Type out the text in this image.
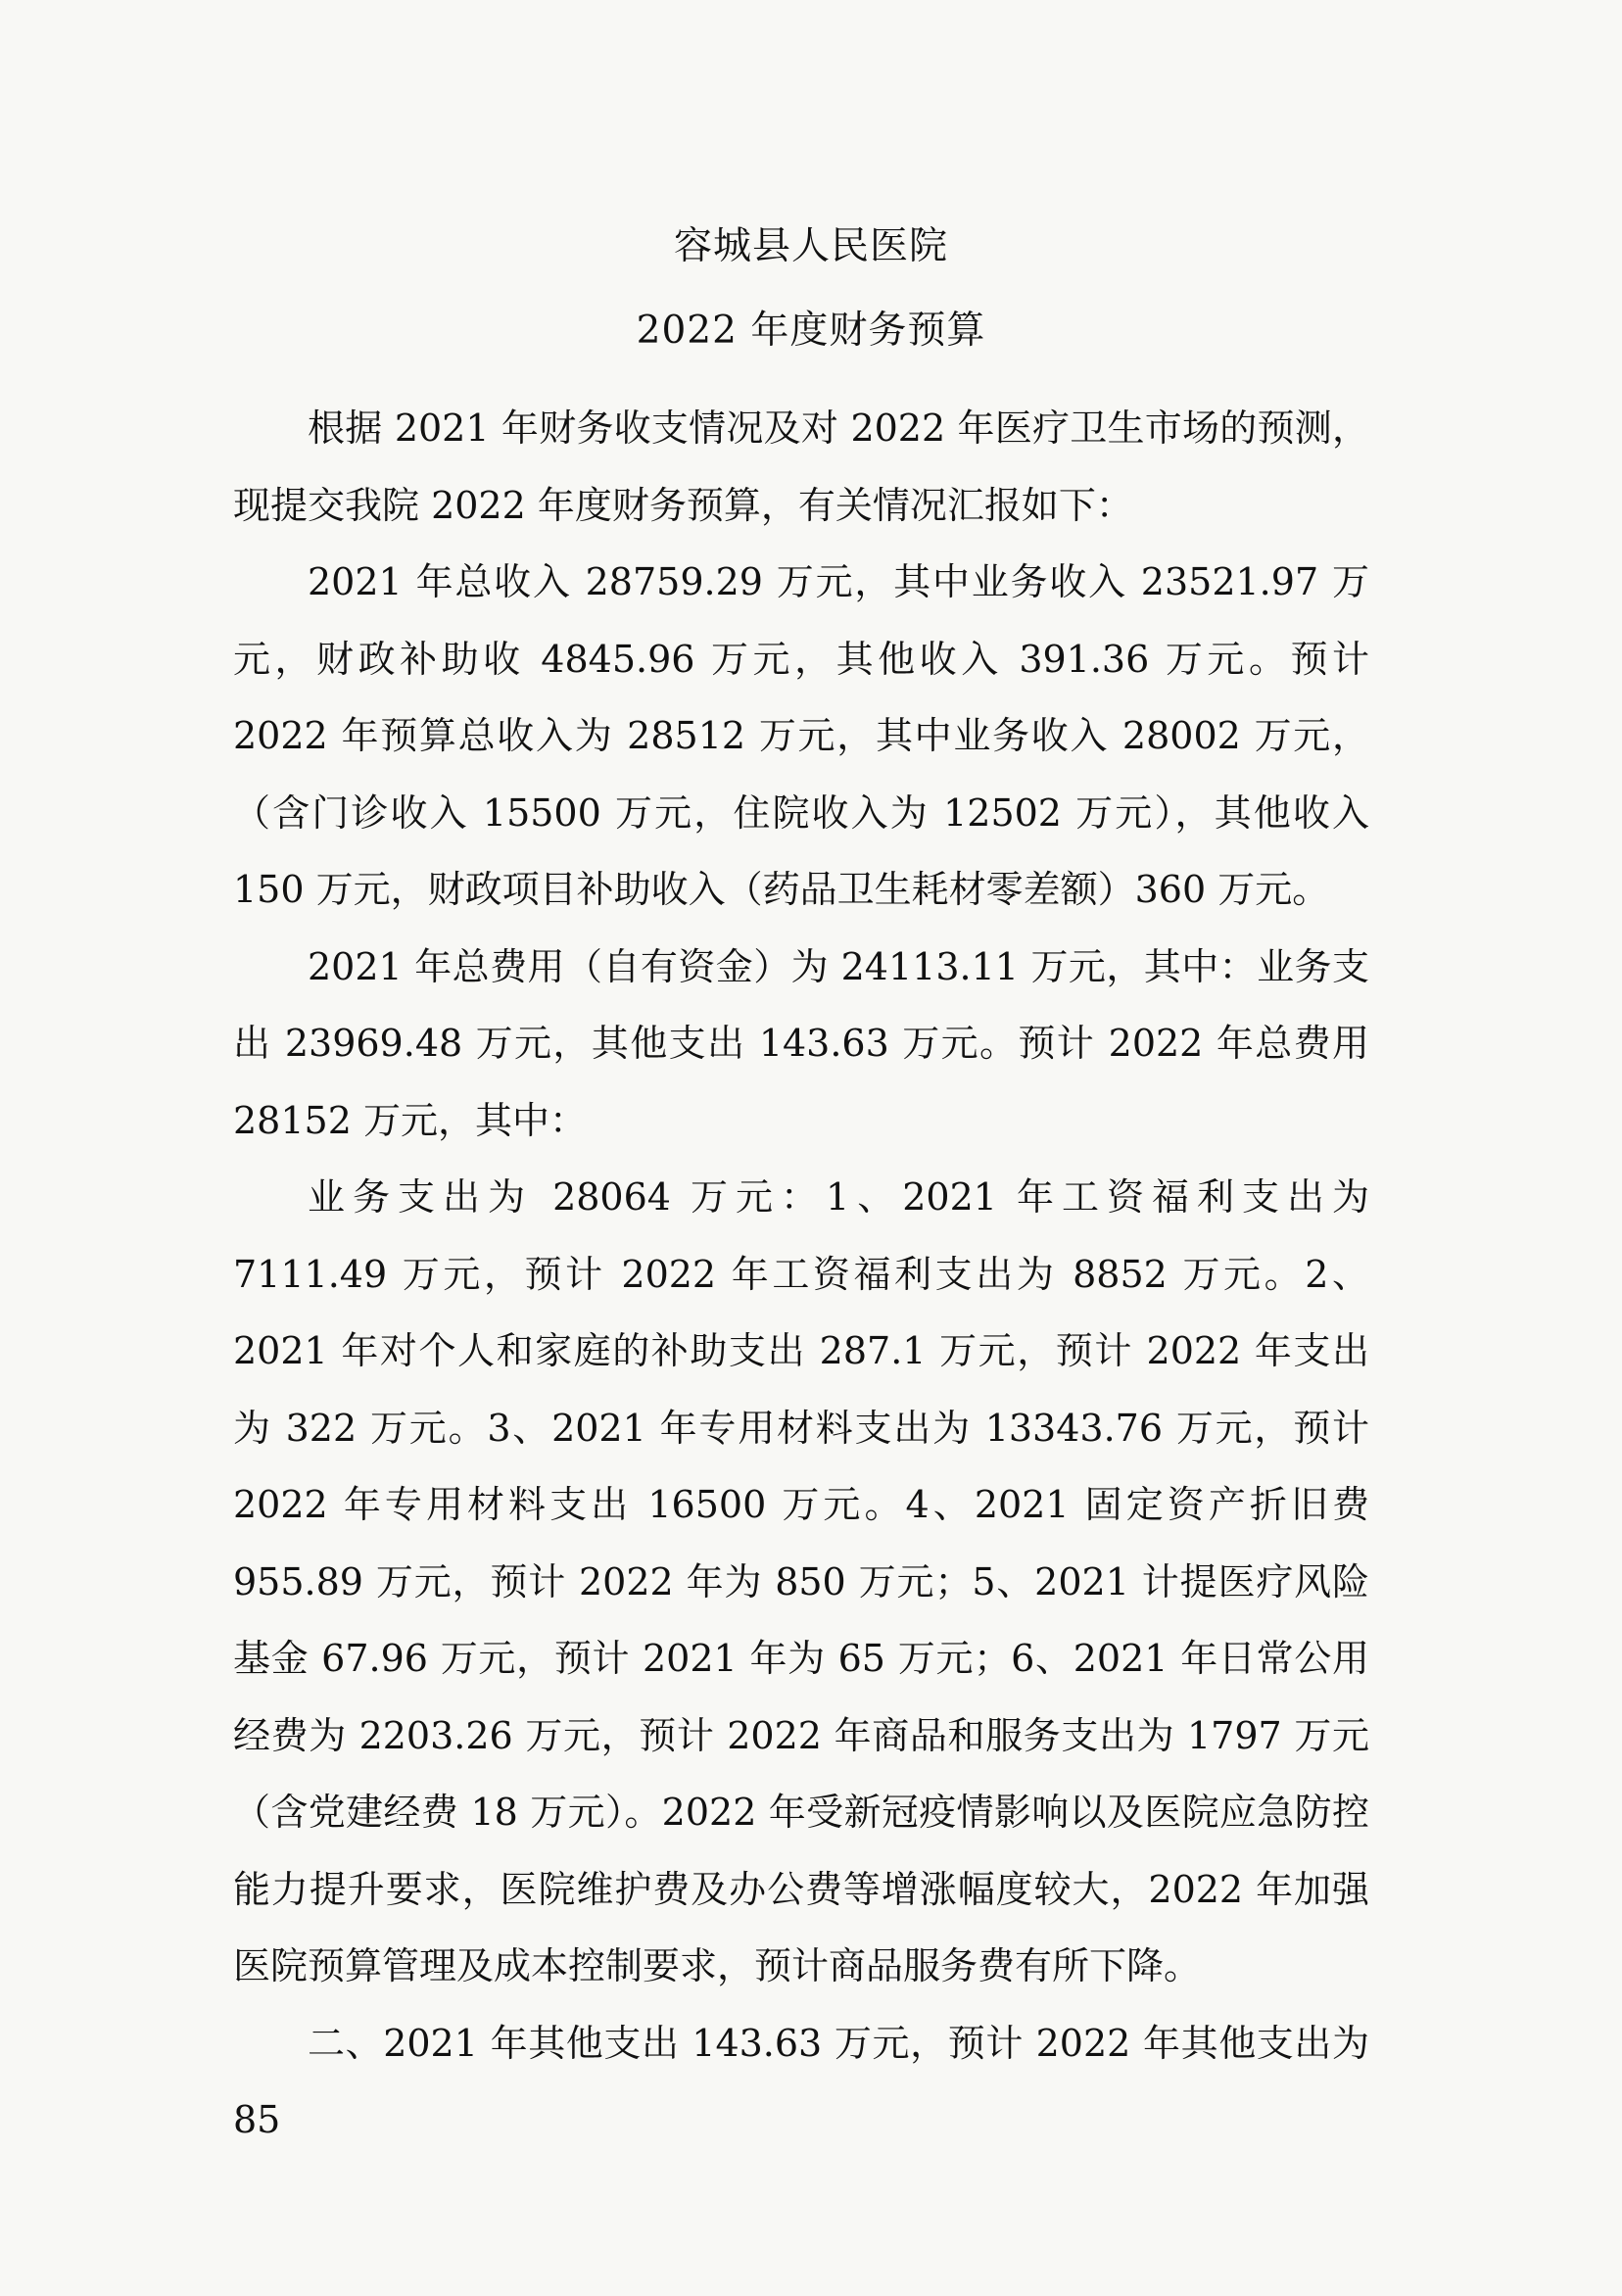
容城县人民医院
2022 年度财务预算

根据 2021 年财务收支情况及对 2022 年医疗卫生市场的预测，现提交我院 2022 年度财务预算，有关情况汇报如下：

2021 年总收入 28759.29 万元，其中业务收入 23521.97 万元，财政补助收 4845.96 万元，其他收入 391.36 万元。预计 2022 年预算总收入为 28512 万元，其中业务收入 28002 万元，（含门诊收入 15500 万元，住院收入为 12502 万元），其他收入 150 万元，财政项目补助收入（药品卫生耗材零差额）360 万元。

2021 年总费用（自有资金）为 24113.11 万元，其中：业务支出 23969.48 万元，其他支出 143.63 万元。预计 2022 年总费用 28152 万元，其中：

业务支出为 28064 万元：1、2021 年工资福利支出为 7111.49 万元，预计 2022 年工资福利支出为 8852 万元。2、2021 年对个人和家庭的补助支出 287.1 万元，预计 2022 年支出为 322 万元。3、2021 年专用材料支出为 13343.76 万元，预计 2022 年专用材料支出 16500 万元。4、2021 固定资产折旧费 955.89 万元，预计 2022 年为 850 万元；5、2021 计提医疗风险基金 67.96 万元，预计 2021 年为 65 万元；6、2021 年日常公用经费为 2203.26 万元，预计 2022 年商品和服务支出为 1797 万元（含党建经费 18 万元）。2022 年受新冠疫情影响以及医院应急防控能力提升要求，医院维护费及办公费等增涨幅度较大，2022 年加强医院预算管理及成本控制要求，预计商品服务费有所下降。

二、2021 年其他支出 143.63 万元，预计 2022 年其他支出为 85
